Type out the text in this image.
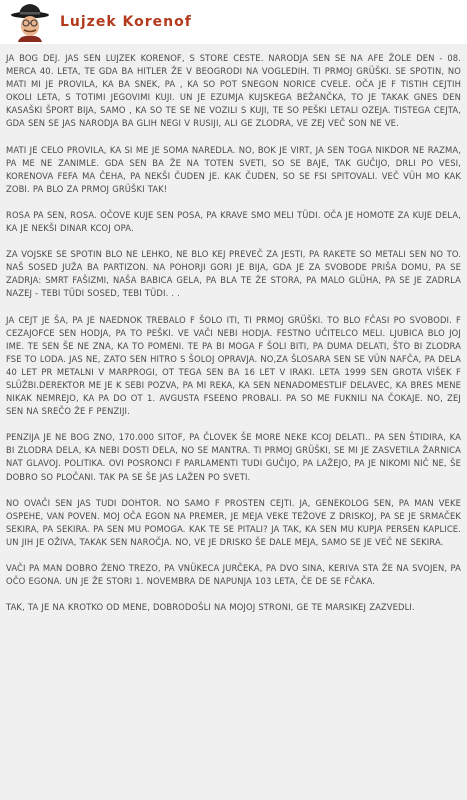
Lujzek Korenof

JA BOG DEJ. JAS SEN LUJZEK KORENOF, S STORE CESTE. NARODJA SEN SE NA AFE ŽOLE DEN - 08. MERCA 40. LETA, TE GDA BA HITLER ŽE V BEOGRODI NA VOGLEDIH. TI PRMOJ GRÜŠKI. SE SPOTIN, NO MATI MI JE PROVILA, KA BA SNEK, PA , KA SO POT SNEGON NORICE CVELE. OČA JE F TISTIH CEJTIH OKOLI LETA, S TOTIMI JEGOVIMI KUJI. UN JE EZUMJA KUJSKEGA BEŽANČKA, TO JE TAKAK GNES DEN KASAŠKI ŠPORT BIJA, SAMO , KA SO TE SE NE VOZILI S KUJI, TE SO PEŠKI LETALI OZEJA. TISTEGA CEJTA, GDA SEN SE JAS NARODJA BA GLIH NEGI V RUSIJI, ALI GE ZLODRA, VE ZEJ VEČ SON NE VE.

MATI JE CELO PROVILA, KA SI ME JE SOMA NAREDLA. NO, BOK JE VIRT, JA SEN TOGA NIKDOR NE RAZMA, PA ME NE ZANIMLE. GDA SEN BA ŽE NA TOTEN SVETI, SO SE BAJE, TAK GUČIJO, DRLI PO VESI, KORENOVA FEFA MA ČEHA, PA NEKŠI ČUDEN JE. KAK ČUDEN, SO SE FSI SPITOVALI. VEČ VÜH MO KAK ZOBI. PA BLO ZA PRMOJ GRÜŠKI TAK!

ROSA PA SEN, ROSA. OČOVE KUJE SEN POSA, PA KRAVE SMO MELI TÜDI. OČA JE HOMOTE ZA KUJE DELA, KA JE NEKŠI DINAR KCOJ OPA.

ZA VOJSKE SE SPOTIN BLO NE LEHKO, NE BLO KEJ PREVEČ ZA JESTI, PA RAKETE SO METALI SEN NO TO. NAŠ SOSED JUŽA BA PARTIZON. NA POHORJI GORI JE BIJA, GDA JE ZA SVOBODE PRIŠA DOMU, PA SE ZADRJA: SMRT FAŠIZMI, NAŠA BABICA GELA, PA BLA TE ŽE STORA, PA MALO GLÜHA, PA SE JE ZADRLA NAZEJ - TEBI TÜDI SOSED, TEBI TÜDI. . .

JA CEJT JE ŠA, PA JE NAEDNOK TREBALO F ŠOLO ITI, TI PRMOJ GRÜŠKI. TO BLO FČASI PO SVOBODI. F CEZAJOFCE SEN HODJA, PA TO PEŠKI. VE VAČI NEBI HODJA. FESTNO UČITELCO MELI. LJUBICA BLO JOJ IME. TE SEN ŠE NE ZNA, KA TO POMENI. TE PA BI MOGA F ŠOLI BITI, PA DUMA DELATI, ŠTO BI ZLODRA FSE TO LODA. JAS NE, ZATO SEN HITRO S ŠOLOJ OPRAVJA. NO,ZA ŠLOSARA SEN SE VÜN NAFČA, PA DELA 40 LET PR METALNI V MARPROGI, OT TEGA SEN BA 16 LET V IRAKI. LETA 1999 SEN GROTA VIŠEK F SLÜŽBI.DEREKTOR ME JE K SEBI POZVA, PA MI REKA, KA SEN NENADOMESTLIF DELAVEC, KA BRES MENE NIKAK NEMREJO, KA PA DO OT 1. AVGUSTA FSEENO PROBALI. PA SO ME FUKNILI NA ČOKAJE. NO, ZEJ SEN NA SREČO ŽE F PENZIJI.

PENZIJA JE NE BOG ZNO, 170.000 SITOF, PA ČLOVEK ŠE MORE NEKE KCOJ DELATI.. PA SEN ŠTIDIRA, KA BI ZLODRA DELA, KA NEBI DOSTI DELA, NO SE MANTRA. TI PRMOJ GRÜŠKI, SE MI JE ZASVETILA ŽARNICA NAT GLAVOJ. POLITIKA. OVI POSRONCI F PARLAMENTI TUDI GUČIJO, PA LAŽEJO, PA JE NIKOMI NIČ NE, ŠE DOBRO SO PLOČANI. TAK PA SE ŠE JAS LAŽEN PO SVETI.

NO OVAČI SEN JAS TUDI DOHTOR. NO SAMO F PROSTEN CEJTI. JA, GENEKOLOG SEN, PA MAN VEKE OSPEHE, VAN POVEN. MOJ OČA EGON NA PREMER, JE MEJA VEKE TEŽOVE Z DRISKOJ, PA SE JE SRMAČEK SEKIRA, PA SEKIRA. PA SEN MU POMOGA. KAK TE SE PITALI? JA TAK, KA SEN MU KUPJA PERSEN KAPLICE. UN JIH JE OŽIVA, TAKAK SEN NAROČJA. NO, VE JE DRISKO ŠE DALE MEJA, SAMO SE JE VEČ NE SEKIRA.

VAČI PA MAN DOBRO ŽENO TREZO, PA VNÜKECA JURČEKA, PA DVO SINA, KERIVA STA ŽE NA SVOJEN, PA OČO EGONA. UN JE ŽE STORI 1. NOVEMBRA DE NAPUNJA 103 LETA, ČE DE SE FČAKA.

TAK, TA JE NA KROTKO OD MENE, DOBRODOŠLI NA MOJOJ STRONI, GE TE MARSIKEJ ZAZVEDLI.
